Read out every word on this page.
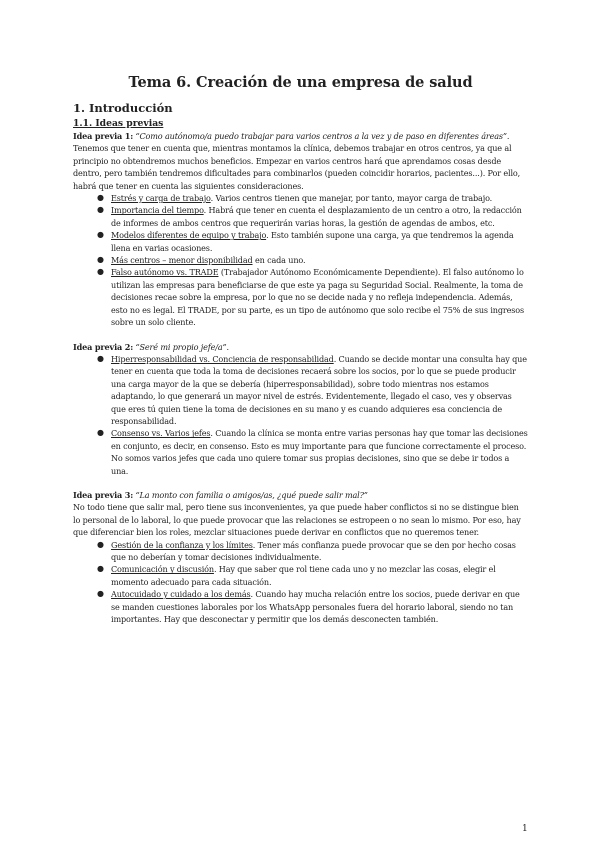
Tema 6. Creación de una empresa de salud
1. Introducción
1.1. Ideas previas

Idea previa 1: “Como autónomo/a puedo trabajar para varios centros a la vez y de paso en diferentes áreas”.

Tenemos que tener en cuenta que, mientras montamos la clínica, debemos trabajar en otros centros, ya que al principio no obtendremos muchos beneficios. Empezar en varios centros hará que aprendamos cosas desde dentro, pero también tendremos dificultades para combinarlos (pueden coincidir horarios, pacientes...). Por ello, habrá que tener en cuenta las siguientes consideraciones.

● Estrés y carga de trabajo. Varios centros tienen que manejar, por tanto, mayor carga de trabajo.
● Importancia del tiempo. Habrá que tener en cuenta el desplazamiento de un centro a otro, la redacción de informes de ambos centros que requerirán varias horas, la gestión de agendas de ambos, etc.
● Modelos diferentes de equipo y trabajo. Esto también supone una carga, ya que tendremos la agenda llena en varias ocasiones.
● Más centros – menor disponibilidad en cada uno.
● Falso autónomo vs. TRADE (Trabajador Autónomo Económicamente Dependiente). El falso autónomo lo utilizan las empresas para beneficiarse de que este ya paga su Seguridad Social. Realmente, la toma de decisiones recae sobre la empresa, por lo que no se decide nada y no refleja independencia. Además, esto no es legal. El TRADE, por su parte, es un tipo de autónomo que solo recibe el 75% de sus ingresos sobre un solo cliente.

Idea previa 2: “Seré mi propio jefe/a”.

● Hiperresponsabilidad vs. Conciencia de responsabilidad. Cuando se decide montar una consulta hay que tener en cuenta que toda la toma de decisiones recaerá sobre los socios, por lo que se puede producir una carga mayor de la que se debería (hiperresponsabilidad), sobre todo mientras nos estamos adaptando, lo que generará un mayor nivel de estrés. Evidentemente, llegado el caso, ves y observas que eres tú quien tiene la toma de decisiones en su mano y es cuando adquieres esa conciencia de responsabilidad.
● Consenso vs. Varios jefes. Cuando la clínica se monta entre varias personas hay que tomar las decisiones en conjunto, es decir, en consenso. Esto es muy importante para que funcione correctamente el proceso. No somos varios jefes que cada uno quiere tomar sus propias decisiones, sino que se debe ir todos a una.

Idea previa 3: “La monto con familia o amigos/as, ¿qué puede salir mal?”

No todo tiene que salir mal, pero tiene sus inconvenientes, ya que puede haber conflictos si no se distingue bien lo personal de lo laboral, lo que puede provocar que las relaciones se estropeen o no sean lo mismo. Por eso, hay que diferenciar bien los roles, mezclar situaciones puede derivar en conflictos que no queremos tener.

● Gestión de la confianza y los límites. Tener más confianza puede provocar que se den por hecho cosas que no deberían y tomar decisiones individualmente.
● Comunicación y discusión. Hay que saber que rol tiene cada uno y no mezclar las cosas, elegir el momento adecuado para cada situación.
● Autocuidado y cuidado a los demás. Cuando hay mucha relación entre los socios, puede derivar en que se manden cuestiones laborales por los WhatsApp personales fuera del horario laboral, siendo no tan importantes. Hay que desconectar y permitir que los demás desconecten también.
1
